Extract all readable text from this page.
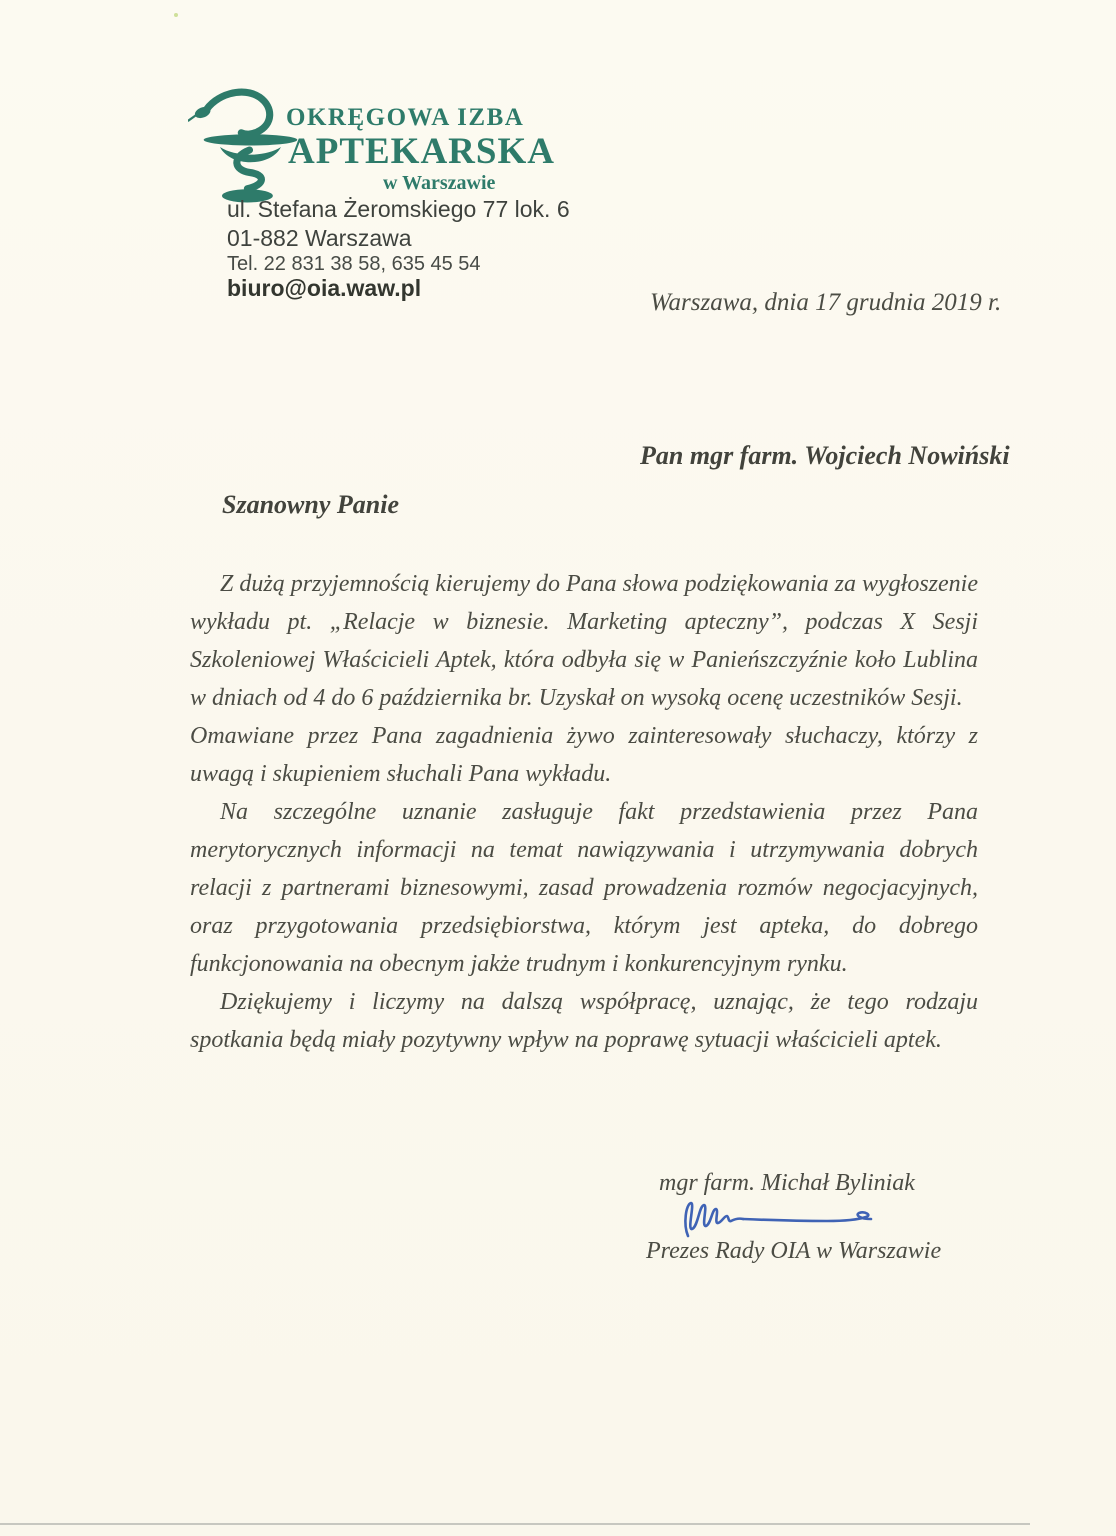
OKRĘGOWA IZBA
APTEKARSKA
w Warszawie
ul. Stefana Żeromskiego 77 lok. 6
01-882 Warszawa
Tel. 22 831 38 58, 635 45 54
biuro@oia.waw.pl
Warszawa, dnia 17 grudnia 2019 r.
Pan mgr farm. Wojciech Nowiński
Szanowny Panie

Z dużą przyjemnością kierujemy do Pana słowa podziękowania za wygłoszenie wykładu pt. „Relacje w biznesie. Marketing apteczny”, podczas X Sesji Szkoleniowej Właścicieli Aptek, która odbyła się w Panieńszczyźnie koło Lublina w dniach od 4 do 6 października br. Uzyskał on wysoką ocenę uczestników Sesji.

Omawiane przez Pana zagadnienia żywo zainteresowały słuchaczy, którzy z uwagą i skupieniem słuchali Pana wykładu.

Na szczególne uznanie zasługuje fakt przedstawienia przez Pana merytorycznych informacji na temat nawiązywania i utrzymywania dobrych relacji z partnerami biznesowymi, zasad prowadzenia rozmów negocjacyjnych, oraz przygotowania przedsiębiorstwa, którym jest apteka, do dobrego funkcjonowania na obecnym jakże trudnym i konkurencyjnym rynku.

Dziękujemy i liczymy na dalszą współpracę, uznając, że tego rodzaju spotkania będą miały pozytywny wpływ na poprawę sytuacji właścicieli aptek.

mgr farm. Michał Byliniak
Prezes Rady OIA w Warszawie
